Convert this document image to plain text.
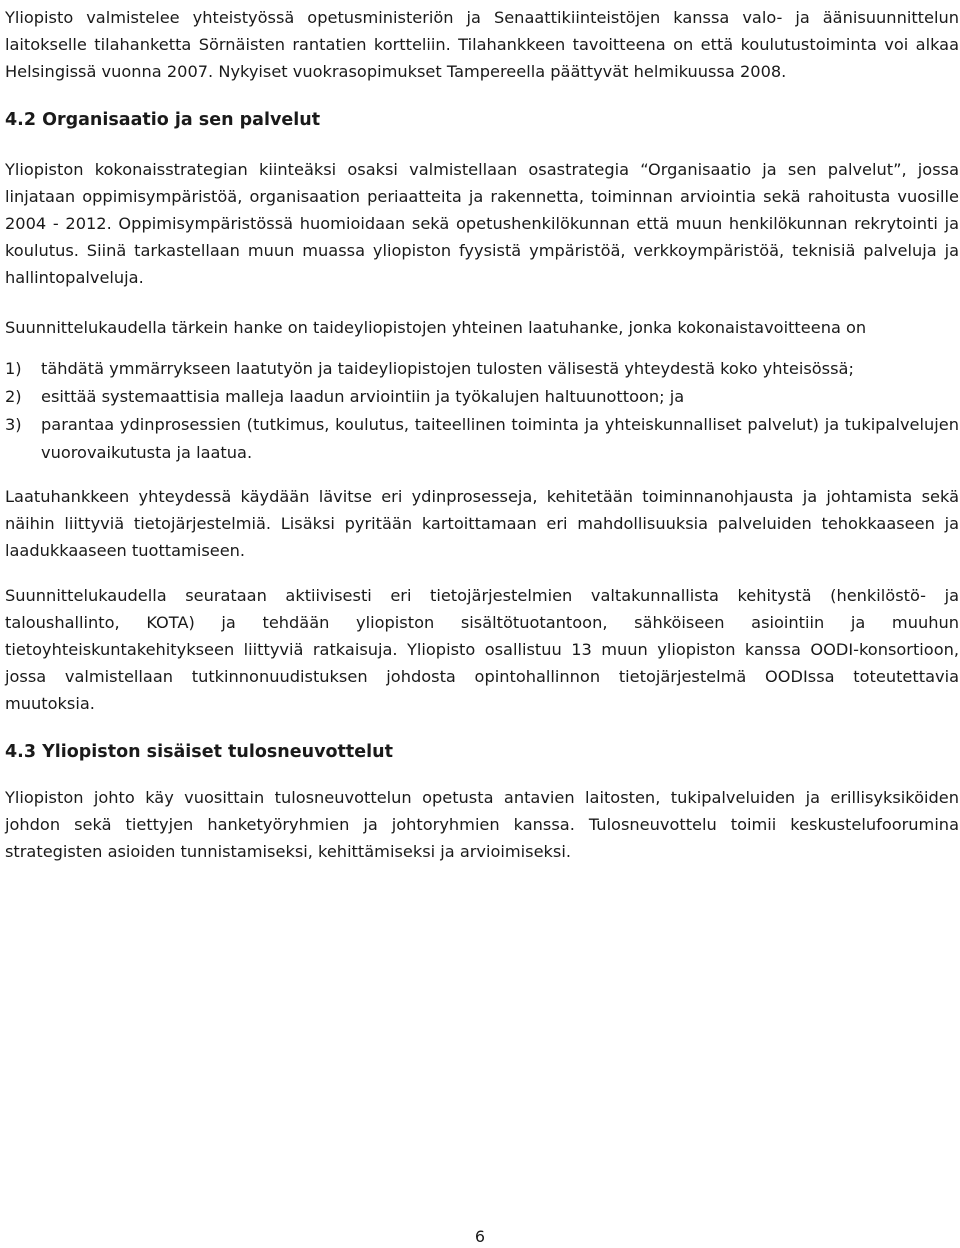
Yliopisto valmistelee yhteistyössä opetusministeriön ja Senaattikiinteistöjen kanssa valo- ja äänisuunnittelun laitokselle tilahanketta Sörnäisten rantatien kortteliin. Tilahankkeen tavoitteena on että koulutustoiminta voi alkaa Helsingissä vuonna 2007. Nykyiset vuokrasopimukset Tampereella päättyvät helmikuussa 2008.

4.2 Organisaatio ja sen palvelut

Yliopiston kokonaisstrategian kiinteäksi osaksi valmistellaan osastrategia “Organisaatio ja sen palvelut”, jossa linjataan oppimisympäristöä, organisaation periaatteita ja rakennetta, toiminnan arviointia sekä rahoitusta vuosille 2004 - 2012. Oppimisympäristössä huomioidaan sekä opetushenkilökunnan että muun henkilökunnan rekrytointi ja koulutus. Siinä tarkastellaan muun muassa yliopiston fyysistä ympäristöä, verkkoympäristöä, teknisiä palveluja ja hallintopalveluja.

Suunnittelukaudella tärkein hanke on taideyliopistojen yhteinen laatuhanke, jonka kokonaistavoitteena on

1)	tähdätä ymmärrykseen laatutyön ja taideyliopistojen tulosten välisestä yhteydestä koko yhteisössä;
2)	esittää systemaattisia malleja laadun arviointiin ja työkalujen haltuunottoon; ja
3)	parantaa ydinprosessien (tutkimus, koulutus, taiteellinen toiminta ja yhteiskunnalliset palvelut) ja tukipalvelujen vuorovaikutusta ja laatua.

Laatuhankkeen yhteydessä käydään lävitse eri ydinprosesseja, kehitetään toiminnanohjausta ja johtamista sekä näihin liittyviä tietojärjestelmiä. Lisäksi pyritään kartoittamaan eri mahdollisuuksia palveluiden tehokkaaseen ja laadukkaaseen tuottamiseen.

Suunnittelukaudella seurataan aktiivisesti eri tietojärjestelmien valtakunnallista kehitystä (henkilöstö- ja taloushallinto, KOTA) ja tehdään yliopiston sisältötuotantoon, sähköiseen asiointiin ja muuhun tietoyhteiskuntakehitykseen liittyviä ratkaisuja. Yliopisto osallistuu 13 muun yliopiston kanssa OODI-konsortioon, jossa valmistellaan tutkinnonuudistuksen johdosta opintohallinnon tietojärjestelmä OODIssa toteutettavia muutoksia.

4.3 Yliopiston sisäiset tulosneuvottelut

Yliopiston johto käy vuosittain tulosneuvottelun opetusta antavien laitosten, tukipalveluiden ja erillisyksiköiden johdon sekä tiettyjen hanketyöryhmien ja johtoryhmien kanssa. Tulosneuvottelu toimii keskustelufoorumina strategisten asioiden tunnistamiseksi, kehittämiseksi ja arvioimiseksi.

6
